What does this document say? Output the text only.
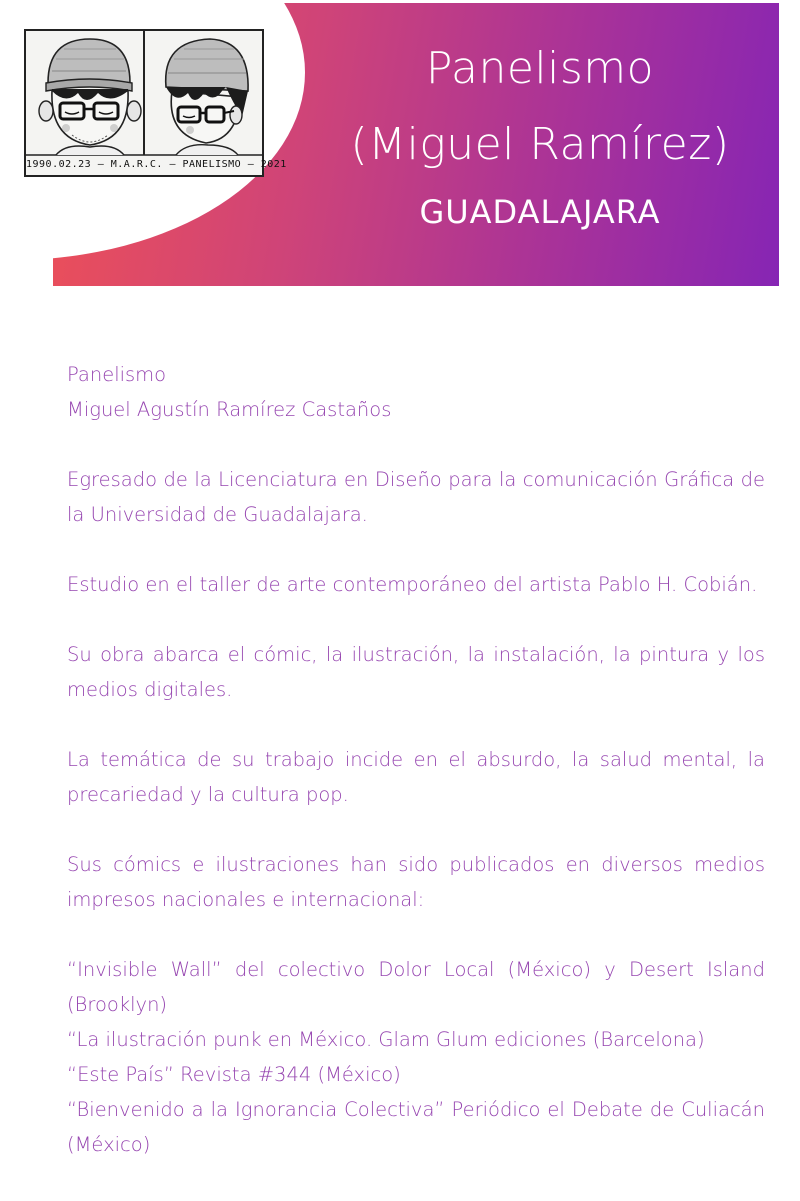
1990.02.23 – M.A.R.C. – PANELISMO – 2021
Panelismo
(Miguel Ramírez)
GUADALAJARA

Panelismo
Miguel Agustín Ramírez Castaños

Egresado de la Licenciatura en Diseño para la comunicación Gráfica de la Universidad de Guadalajara.

Estudio en el taller de arte contemporáneo del artista Pablo H. Cobián.

Su obra abarca el cómic, la ilustración, la instalación, la pintura y los medios digitales.

La temática de su trabajo incide en el absurdo, la salud mental, la precariedad y la cultura pop.

Sus cómics e ilustraciones han sido publicados en diversos medios impresos nacionales e internacional:

“Invisible Wall” del colectivo Dolor Local (México) y Desert Island (Brooklyn)
“La ilustración punk en México. Glam Glum ediciones (Barcelona)
“Este País” Revista #344 (México)
“Bienvenido a la Ignorancia Colectiva” Periódico el Debate de Culiacán (México)
